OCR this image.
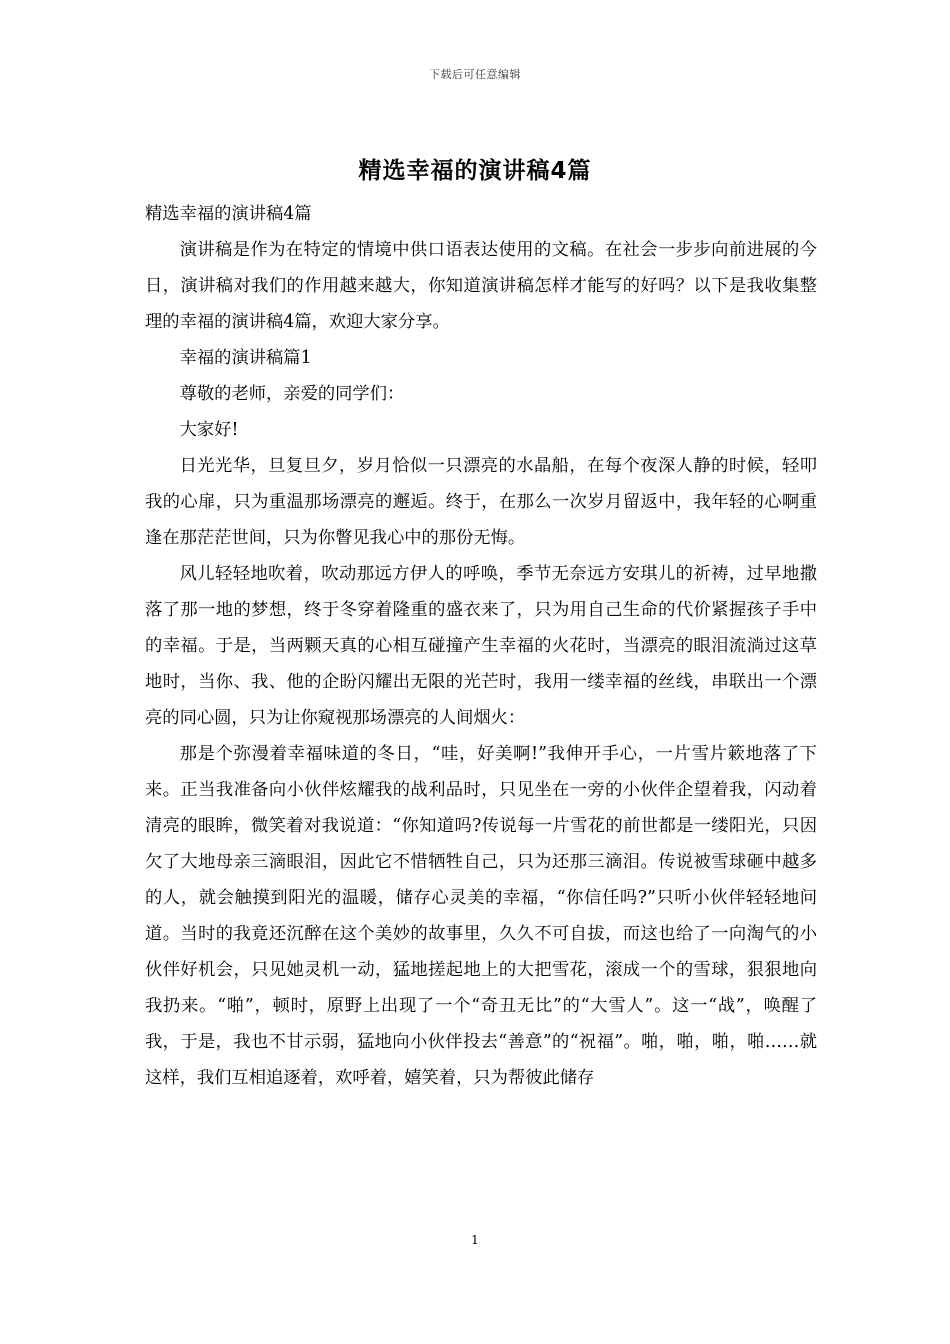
下载后可任意编辑
精选幸福的演讲稿4篇

精选幸福的演讲稿4篇

演讲稿是作为在特定的情境中供口语表达使用的文稿。在社会一步步向前进展的今日，演讲稿对我们的作用越来越大，你知道演讲稿怎样才能写的好吗？以下是我收集整理的幸福的演讲稿4篇，欢迎大家分享。

幸福的演讲稿篇1

尊敬的老师，亲爱的同学们：

大家好!

日光光华，旦复旦夕，岁月恰似一只漂亮的水晶船，在每个夜深人静的时候，轻叩我的心扉，只为重温那场漂亮的邂逅。终于，在那么一次岁月留返中，我年轻的心啊重逢在那茫茫世间，只为你瞥见我心中的那份无悔。

风儿轻轻地吹着，吹动那远方伊人的呼唤，季节无奈远方安琪儿的祈祷，过早地撒落了那一地的梦想，终于冬穿着隆重的盛衣来了，只为用自己生命的代价紧握孩子手中的幸福。于是，当两颗天真的心相互碰撞产生幸福的火花时，当漂亮的眼泪流淌过这草地时，当你、我、他的企盼闪耀出无限的光芒时，我用一缕幸福的丝线，串联出一个漂亮的同心圆，只为让你窥视那场漂亮的人间烟火：

那是个弥漫着幸福味道的冬日，“哇，好美啊!”我伸开手心，一片雪片簌地落了下来。正当我准备向小伙伴炫耀我的战利品时，只见坐在一旁的小伙伴企望着我，闪动着清亮的眼眸，微笑着对我说道：“你知道吗?传说每一片雪花的前世都是一缕阳光，只因欠了大地母亲三滴眼泪，因此它不惜牺牲自己，只为还那三滴泪。传说被雪球砸中越多的人，就会触摸到阳光的温暖，储存心灵美的幸福，“你信任吗?”只听小伙伴轻轻地问道。当时的我竟还沉醉在这个美妙的故事里，久久不可自拔，而这也给了一向淘气的小伙伴好机会，只见她灵机一动，猛地搓起地上的大把雪花，滚成一个的雪球，狠狠地向我扔来。“啪”，顿时，原野上出现了一个“奇丑无比”的“大雪人”。这一“战”，唤醒了我，于是，我也不甘示弱，猛地向小伙伴投去“善意”的“祝福”。啪，啪，啪，啪……就这样，我们互相追逐着，欢呼着，嬉笑着，只为帮彼此储存

1
